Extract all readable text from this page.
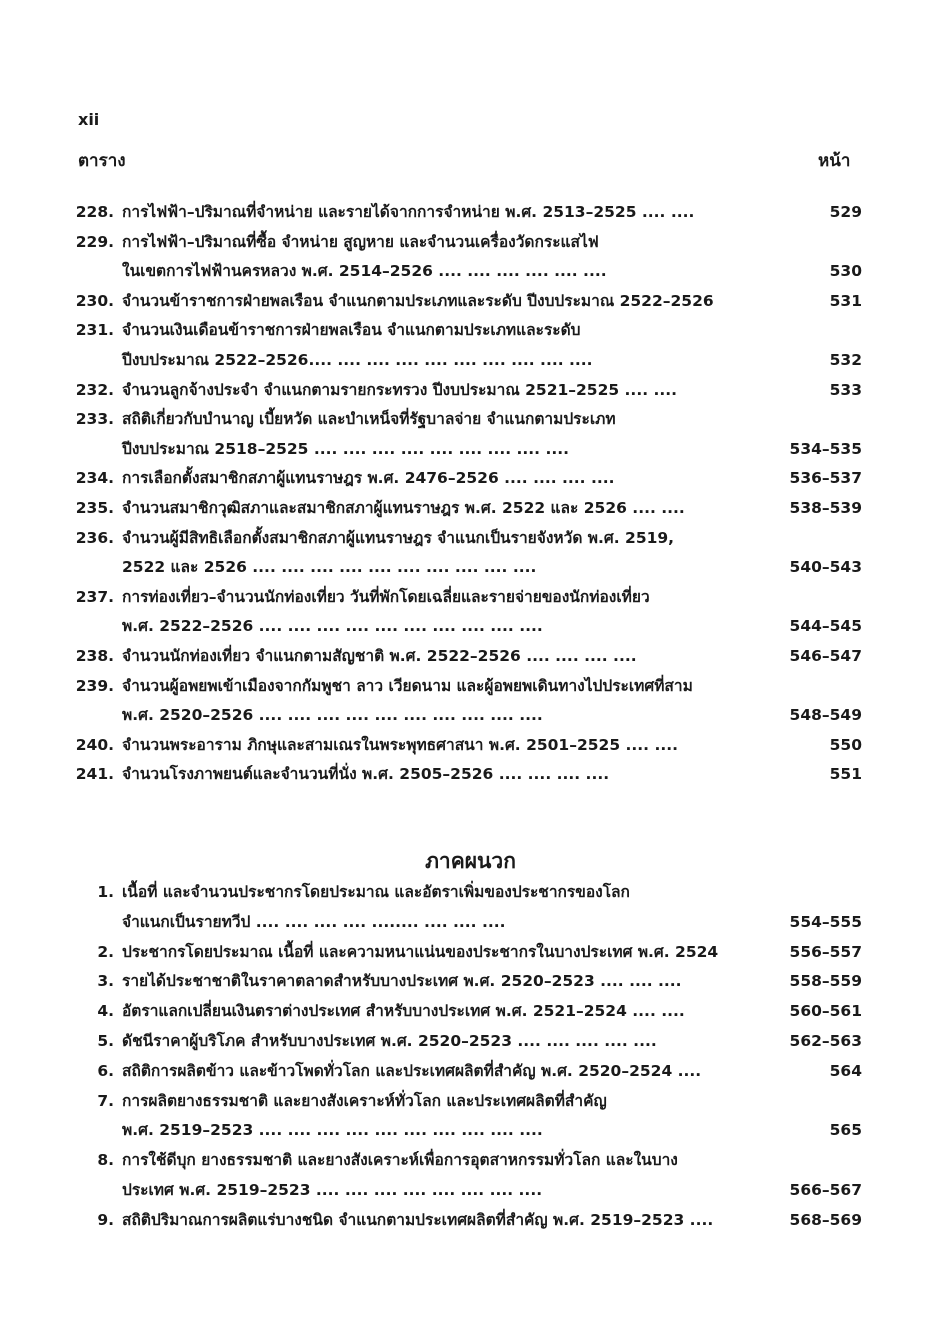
xii
ตาราง	หน้า
228. การไฟฟ้า–ปริมาณที่จำหน่าย และรายได้จากการจำหน่าย พ.ศ. 2513–2525 .... ....	529
229. การไฟฟ้า–ปริมาณที่ซื้อ จำหน่าย สูญหาย และจำนวนเครื่องวัดกระแสไฟ
ในเขตการไฟฟ้านครหลวง พ.ศ. 2514–2526 .... .... .... .... .... ....	530
230. จำนวนข้าราชการฝ่ายพลเรือน จำแนกตามประเภทและระดับ ปีงบประมาณ 2522–2526	531
231. จำนวนเงินเดือนข้าราชการฝ่ายพลเรือน จำแนกตามประเภทและระดับ
ปีงบประมาณ 2522–2526.... .... .... .... .... .... .... .... .... ....	532
232. จำนวนลูกจ้างประจำ จำแนกตามรายกระทรวง ปีงบประมาณ 2521–2525 .... ....	533
233. สถิติเกี่ยวกับบำนาญ เบี้ยหวัด และบำเหน็จที่รัฐบาลจ่าย จำแนกตามประเภท
ปีงบประมาณ 2518–2525 .... .... .... .... .... .... .... .... ....	534–535
234. การเลือกตั้งสมาชิกสภาผู้แทนราษฎร พ.ศ. 2476–2526 .... .... .... ....	536–537
235. จำนวนสมาชิกวุฒิสภาและสมาชิกสภาผู้แทนราษฎร พ.ศ. 2522 และ 2526 .... ....	538–539
236. จำนวนผู้มีสิทธิเลือกตั้งสมาชิกสภาผู้แทนราษฎร จำแนกเป็นรายจังหวัด พ.ศ. 2519,
2522 และ 2526 .... .... .... .... .... .... .... .... .... ....	540–543
237. การท่องเที่ยว–จำนวนนักท่องเที่ยว วันที่พักโดยเฉลี่ยและรายจ่ายของนักท่องเที่ยว
พ.ศ. 2522–2526 .... .... .... .... .... .... .... .... .... ....	544–545
238. จำนวนนักท่องเที่ยว จำแนกตามสัญชาติ พ.ศ. 2522–2526 .... .... .... ....	546–547
239. จำนวนผู้อพยพเข้าเมืองจากกัมพูชา ลาว เวียดนาม และผู้อพยพเดินทางไปประเทศที่สาม
พ.ศ. 2520–2526 .... .... .... .... .... .... .... .... .... ....	548–549
240. จำนวนพระอาราม ภิกษุและสามเณรในพระพุทธศาสนา พ.ศ. 2501–2525 .... ....	550
241. จำนวนโรงภาพยนต์และจำนวนที่นั่ง พ.ศ. 2505–2526 .... .... .... ....	551
ภาคผนวก
1. เนื้อที่ และจำนวนประชากรโดยประมาณ และอัตราเพิ่มของประชากรของโลก
จำแนกเป็นรายทวีป .... .... .... .... ........ .... .... ....	554–555
2. ประชากรโดยประมาณ เนื้อที่ และความหนาแน่นของประชากรในบางประเทศ พ.ศ. 2524	556–557
3. รายได้ประชาชาติในราคาตลาดสำหรับบางประเทศ พ.ศ. 2520–2523 .... .... ....	558–559
4. อัตราแลกเปลี่ยนเงินตราต่างประเทศ สำหรับบางประเทศ พ.ศ. 2521–2524 .... ....	560–561
5. ดัชนีราคาผู้บริโภค สำหรับบางประเทศ พ.ศ. 2520–2523 .... .... .... .... ....	562–563
6. สถิติการผลิตข้าว และข้าวโพดทั่วโลก และประเทศผลิตที่สำคัญ พ.ศ. 2520–2524 ....	564
7. การผลิตยางธรรมชาติ และยางสังเคราะห์ทั่วโลก และประเทศผลิตที่สำคัญ
พ.ศ. 2519–2523 .... .... .... .... .... .... .... .... .... ....	565
8. การใช้ดีบุก ยางธรรมชาติ และยางสังเคราะห์เพื่อการอุตสาหกรรมทั่วโลก และในบาง
ประเทศ พ.ศ. 2519–2523 .... .... .... .... .... .... .... ....	566–567
9. สถิติปริมาณการผลิตแร่บางชนิด จำแนกตามประเทศผลิตที่สำคัญ พ.ศ. 2519–2523 ....	568–569
